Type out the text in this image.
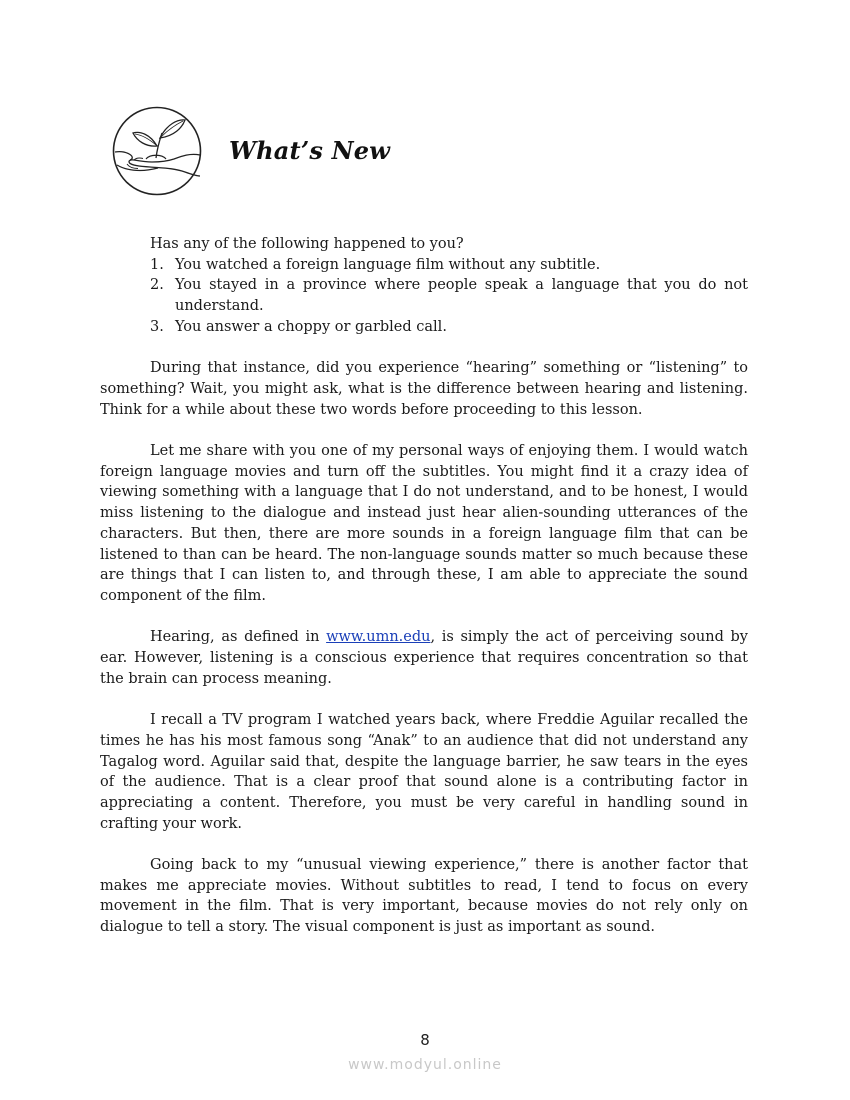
What’s New

Has any of the following happened to you?

1. You watched a foreign language film without any subtitle.
2. You stayed in a province where people speak a language that you do not understand.
3. You answer a choppy or garbled call.

During that instance, did you experience “hearing” something or “listening” to something? Wait, you might ask, what is the difference between hearing and listening. Think for a while about these two words before proceeding to this lesson.

Let me share with you one of my personal ways of enjoying them. I would watch foreign language movies and turn off the subtitles. You might find it a crazy idea of viewing something with a language that I do not understand, and to be honest, I would miss listening to the dialogue and instead just hear alien-sounding utterances of the characters. But then, there are more sounds in a foreign language film that can be listened to than can be heard. The non-language sounds matter so much because these are things that I can listen to, and through these, I am able to appreciate the sound component of the film.

Hearing, as defined in www.umn.edu, is simply the act of perceiving sound by ear. However, listening is a conscious experience that requires concentration so that the brain can process meaning.

I recall a TV program I watched years back, where Freddie Aguilar recalled the times he has his most famous song “Anak” to an audience that did not understand any Tagalog word. Aguilar said that, despite the language barrier, he saw tears in the eyes of the audience. That is a clear proof that sound alone is a contributing factor in appreciating a content. Therefore, you must be very careful in handling sound in crafting your work.

Going back to my “unusual viewing experience,” there is another factor that makes me appreciate movies. Without subtitles to read, I tend to focus on every movement in the film. That is very important, because movies do not rely only on dialogue to tell a story. The visual component is just as important as sound.

8
www.modyul.online
